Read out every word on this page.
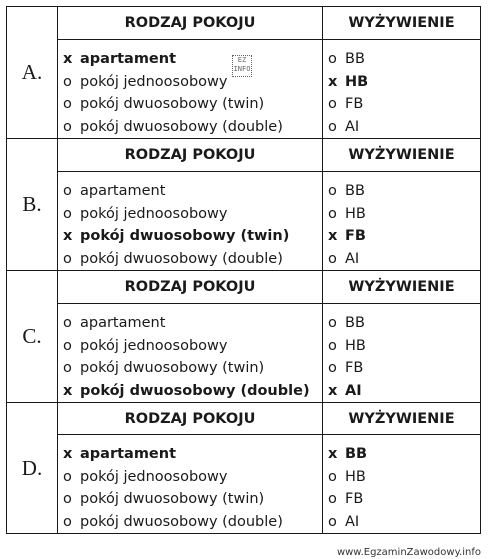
A.
RODZAJ POKOJU
x apartament
o pokój jednoosobowy
o pokój dwuosobowy (twin)
o pokój dwuosobowy (double)
WYŻYWIENIE
o BB
x HB
o FB
o AI
B.
RODZAJ POKOJU
o apartament
o pokój jednoosobowy
x pokój dwuosobowy (twin)
o pokój dwuosobowy (double)
WYŻYWIENIE
o BB
o HB
x FB
o AI
C.
RODZAJ POKOJU
o apartament
o pokój jednoosobowy
o pokój dwuosobowy (twin)
x pokój dwuosobowy (double)
WYŻYWIENIE
o BB
o HB
o FB
x AI
D.
RODZAJ POKOJU
x apartament
o pokój jednoosobowy
o pokój dwuosobowy (twin)
o pokój dwuosobowy (double)
WYŻYWIENIE
x BB
o HB
o FB
o AI
EZ INFO
www.EgzaminZawodowy.info
